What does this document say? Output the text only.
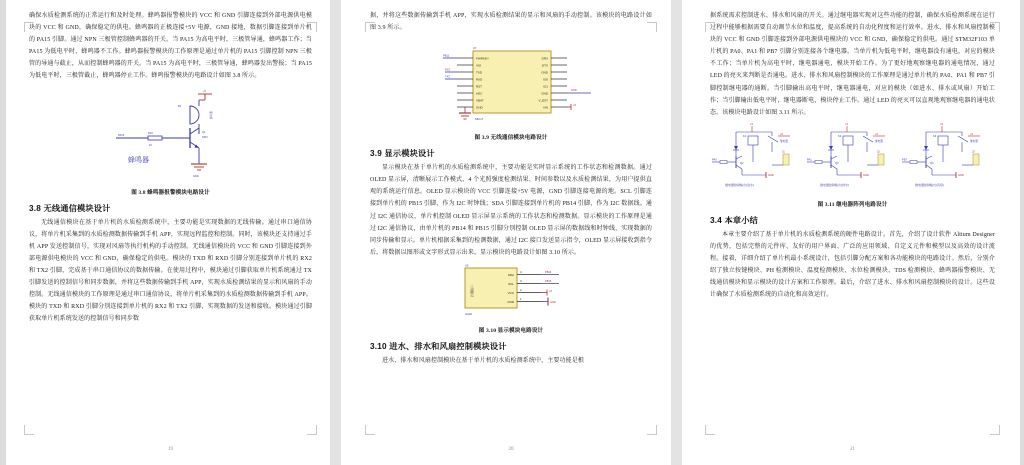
确保水质检测系统的正常运行和及时处理。蜂鸣器报警模块的 VCC 和 GND 引脚连接到外部电源供电模块的 VCC 和 GND，确保稳定的供电。蜂鸣器的正极连接+5V 电源，GND 接地，数据引脚连接到单片机的 PA15 引脚。通过 NPN 三极管控制蜂鸣器的开关。当 PA15 为高电平时，三极管导通，蜂鸣器工作；当 PA15 为低电平时，蜂鸣器不工作。蜂鸣器报警模块的工作原理是通过单片机的 PA15 引脚控制 NPN 三极管的导通与截止，从而控制蜂鸣器的开关。当 PA15 为高电平时，三极管导通，蜂鸣器发出警报；当 PA15 为低电平时，三极管截止，蜂鸣器停止工作。蜂鸣报警模块的电路设计如图 3.8 所示。

+5
B1
蜂鸣器
Q1
NPN
R10
1K
PA15
GND
蜂鸣器
图 3.8 蜂鸣器报警模块电路设计
3.8 无线通信模块设计

无线通信模块在基于单片机的水质检测系统中，主要功能是实现数据的无线传输。通过串口通信协议，将单片机采集到的水质检测数据传输到手机 APP，实现远程监控和控制。同时，该模块还支持通过手机 APP 发送控制信号，实现对风扇等执行机构的手动控制。无线通信模块的 VCC 和 GND 引脚连接到外部电源供电模块的 VCC 和 GND，确保稳定的供电。模块的 TXD 和 RXD 引脚分别连接到单片机的 RX2 和 TX2 引脚，完成基于串口通信协议的数据传输。在使用过程中，模块通过引脚获取单片机系统通过 TX 引脚发送的控制信号和同步数据，并将这些数据传输到手机 APP，实现水质检测结果的显示和风扇的手动控制。无线通信模块的工作原理是通过串口通信协议，将单片机采集到的水质检测数据传输到手机 APP。模块的 TXD 和 RXD 引脚分别连接到单片机的 RX2 和 TX2 引脚，实现数据的发送和接收。模块通过引脚获取单片机系统发送的控制信号和同步数

19

据，并将这些数据传输到手机 APP，实现水质检测结果的显示和风扇的手动控制。该模块的电路设计如图 3.9 所示。

U7
NB-IoT
PWRKEY
VIO
TXD
RXD
RST
ADC
VBAT
GND
DRX
DTX
GND
IO0
IO1
GND
V_EXT
VIN
PB11
RX2
TX2
GND
+5
图 3.9 无线通信模块电路设计
3.9 显示模块设计

显示模块在基于单片机的水质检测系统中，主要功能是实时显示系统的工作状态和检测数据。通过 OLED 显示屏，清晰展示工作模式、4 个光照强度检测结果、时间参数以及水质检测结果，为用户提供直观的系统运行信息。OLED 显示模块的 VCC 引脚连接+5V 电源，GND 引脚连接电源的地。SCL 引脚连接到单片机的 PB15 引脚，作为 I2C 时钟线；SDA 引脚连接到单片机的 PB14 引脚，作为 I2C 数据线。通过 I2C 通信协议，单片机控制 OLED 显示屏显示系统的工作状态和检测数据。显示模块的工作原理是通过 I2C 通信协议，由单片机的 PB14 和 PB15 引脚分别控制 OLED 显示屏的数据线和时钟线，实现数据的同步传输和显示。单片机根据采集到的检测数据，通过 I2C 接口发送显示指令，OLED 显示屏接收到指令后，将数据以图形或文字形式显示出来。显示模块的电路设计如图 3.10 所示。

U6
OLED
四脚接口
SDA
SCL
VCC
GND
4
3
2
1
PB14
PB15
+5
GND
图 3.10 显示模块电路设计
3.10 进水、排水和风扇控制模块设计

进水、排水和风扇控制模块在基于单片机的水质检测系统中，主要功能是根

20

据系统需求控制进水、排水和风扇的开关。通过继电器实现对这些功能的控制，确保水质检测系统在运行过程中能够根据需要自动调节水位和温度，提高系统的自动化程度和运行效率。进水、排水和风扇控制模块的 VCC 和 GND 引脚连接到外部电源供电模块的 VCC 和 GND，确保稳定的供电。通过 STM32F103 单片机的 PA0、PA1 和 PB7 引脚分别连接各个继电器。当单片机为低电平时，继电器没有通电，对应的模块不工作；当单片机为高电平时，继电器通电，模块开始工作。为了更好地观察继电器的通电情况，通过 LED 的亮灭来判断是否通电。进水、排水和风扇控制模块的工作原理是通过单片机的 PA0、PA1 和 PB7 引脚控制继电器的通断。当引脚输出高电平时，继电器通电，对应的模块（如进水、排水或风扇）开始工作；当引脚输出低电平时，继电器断电，模块停止工作。通过 LED 的亮灭可以直观地观察继电器的通电状态。该模块电路设计如图 3.11 所示。

+5
K1
+5
继电器
Q2
GND
PA0
J1
继电器控制输出(进水)
+5
K2
+5
继电器
Q3
GND
PA1
J2
继电器控制输出(排水)
+5
K3
+5
继电器
Q4
GND
PB7
J3
继电器控制输出(风扇)
图 3.11 继电器阵列电路设计
3.4 本章小结

本章主要介绍了基于单片机的水质检测系统的硬件电路设计。首先，介绍了设计软件 Altium Designer 的优势，包括完整的元件库、友好的用户界面、广泛的应用领域、自定义元件和模型以及高效的设计流程。接着，详细介绍了单片机最小系统设计，包括引脚分配方案和各功能模块的电路设计。然后，分别介绍了独立按键模块、PH 检测模块、温度检测模块、水位检测模块、TDS 检测模块、蜂鸣器报警模块、无线通信模块和显示模块的设计方案和工作原理。最后，介绍了进水、排水和风扇控制模块的设计。这些设计确保了水质检测系统的自动化和高效运行。

21
